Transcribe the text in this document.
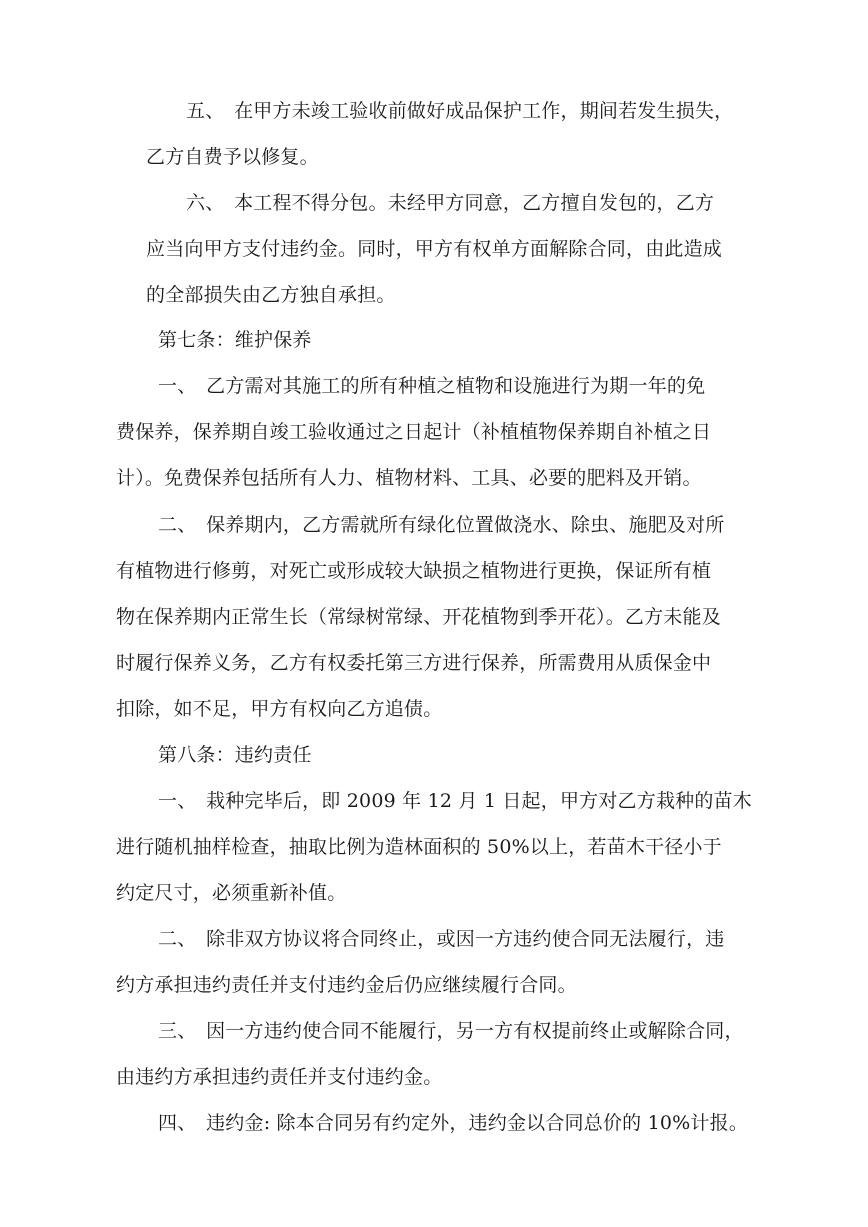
五、　在甲方未竣工验收前做好成品保护工作，期间若发生损失，
乙方自费予以修复。
六、　本工程不得分包。未经甲方同意，乙方擅自发包的，乙方
应当向甲方支付违约金。同时，甲方有权单方面解除合同，由此造成
的全部损失由乙方独自承担。
第七条：维护保养
一、　乙方需对其施工的所有种植之植物和设施进行为期一年的免
费保养，保养期自竣工验收通过之日起计（补植植物保养期自补植之日
计）。免费保养包括所有人力、植物材料、工具、必要的肥料及开销。
二、　保养期内，乙方需就所有绿化位置做浇水、除虫、施肥及对所
有植物进行修剪，对死亡或形成较大缺损之植物进行更换，保证所有植
物在保养期内正常生长（常绿树常绿、开花植物到季开花）。乙方未能及
时履行保养义务，乙方有权委托第三方进行保养，所需费用从质保金中
扣除，如不足，甲方有权向乙方追债。
第八条：违约责任
一、　栽种完毕后，即 2009 年 12 月 1 日起，甲方对乙方栽种的苗木
进行随机抽样检查，抽取比例为造林面积的 50%以上，若苗木干径小于
约定尺寸，必须重新补值。
二、　除非双方协议将合同终止，或因一方违约使合同无法履行，违
约方承担违约责任并支付违约金后仍应继续履行合同。
三、　因一方违约使合同不能履行，另一方有权提前终止或解除合同，
由违约方承担违约责任并支付违约金。
四、　违约金: 除本合同另有约定外，违约金以合同总价的 10%计报。
